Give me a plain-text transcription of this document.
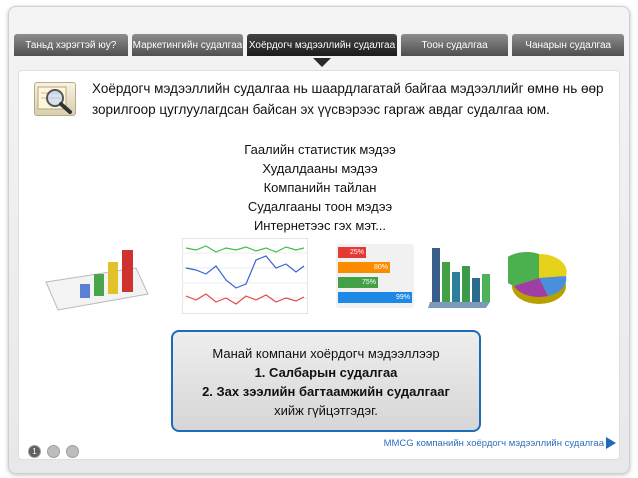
Таньд хэрэгтэй юу?	Маркетингийн судалгаа Хоёрдогч мэдээллийн судалгаа	Тоон судалгаа	Чанарын судалгаа
Хоёрдогч мэдээллийн судалгаа нь шаардлагатай байгаа мэдээллийг өмнө нь өөр зорилгоор цуглуулагдсан байсан эх үүсвэрээс гаргаж авдаг судалгаа юм.
Гаалийн статистик мэдээ
Худалдааны мэдээ
Компанийн тайлан
Судалгааны тоон мэдээ
Интернетээс гэх мэт...
25%
80%
75%
99%
Манай компани хоёрдогч мэдээллээр
1. Салбарын судалгаа
2. Зах зээлийн багтаамжийн судалгааг
хийж гүйцэтгэдэг.
MMCG компанийн хоёрдогч мэдээллийн судалгаа
1
